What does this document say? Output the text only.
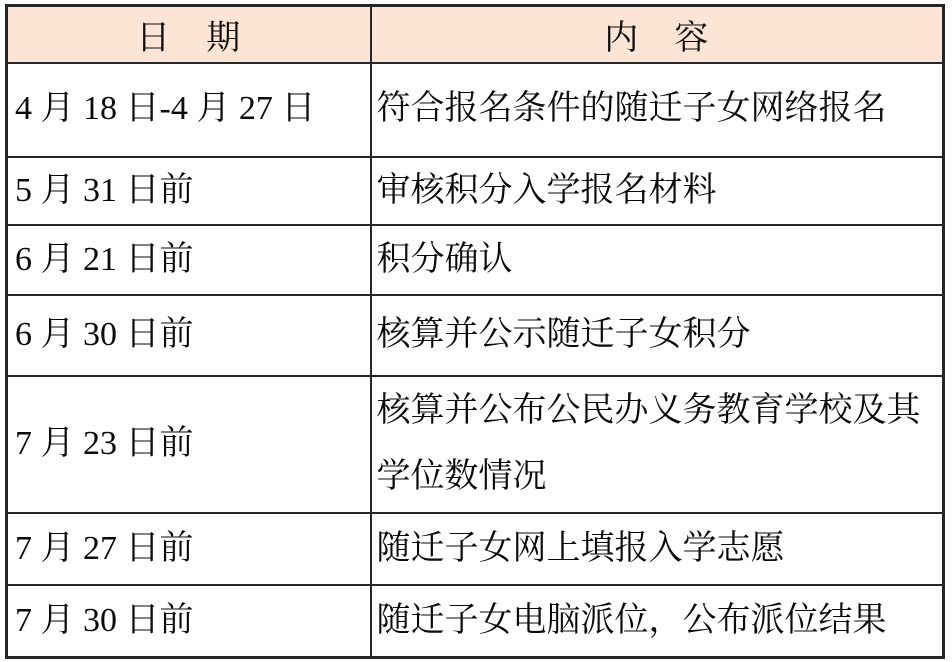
日　期	内　容
4 月 18 日-4 月 27 日	符合报名条件的随迁子女网络报名
5 月 31 日前	审核积分入学报名材料
6 月 21 日前	积分确认
6 月 30 日前	核算并公示随迁子女积分
7 月 23 日前	核算并公布公民办义务教育学校及其学位数情况
7 月 27 日前	随迁子女网上填报入学志愿
7 月 30 日前	随迁子女电脑派位，公布派位结果
